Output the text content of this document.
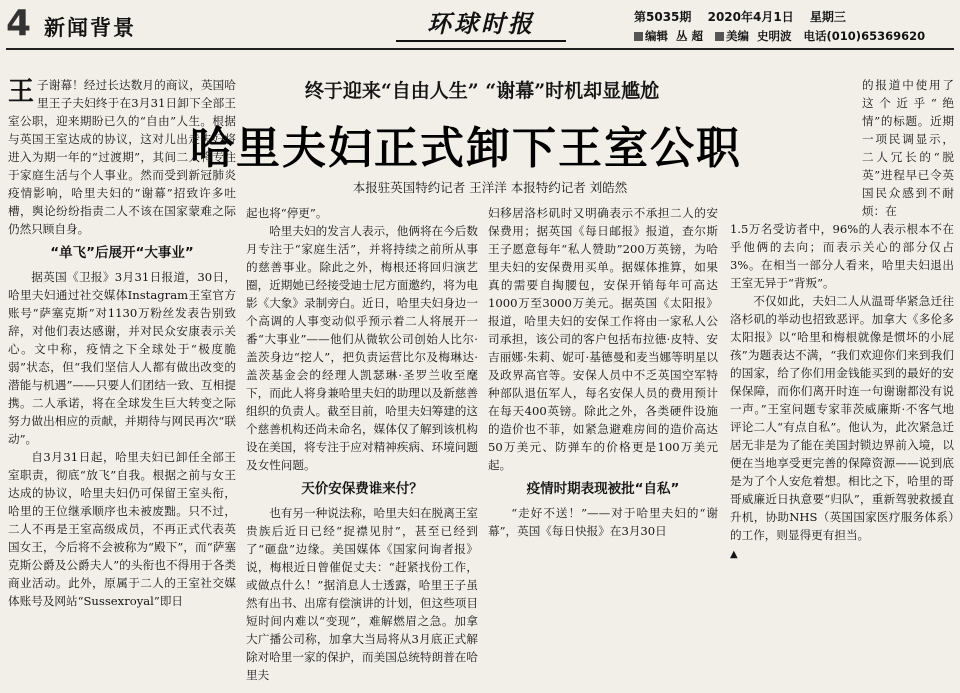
4 新闻背景	环球时报	第5035期 2020年4月1日 星期三
编辑 丛 超 美编 史明波 电话(010)65369620
终于迎来“自由人生” “谢幕”时机却显尴尬
哈里夫妇正式卸下王室公职
本报驻英国特约记者 王洋洋 本报特约记者 刘皓然
王 子谢幕！经过长达数月的商议，英国哈里王子夫妇终于在3月31日卸下全部王室公职，迎来期盼已久的“自由”人生。根据与英国王室达成的协议，这对儿出走夫妇将进入为期一年的“过渡期”，其间二人将专注于家庭生活与个人事业。然而受到新冠肺炎疫情影响，哈里夫妇的“谢幕”招致许多吐槽，舆论纷纷指责二人不该在国家蒙难之际仍然只顾自身。

“单飞”后展开“大事业”

据英国《卫报》3月31日报道，30日，哈里夫妇通过社交媒体Instagram王室官方账号“萨塞克斯”对1130万粉丝发表告别致辞，对他们表达感谢，并对民众安康表示关心。文中称，疫情之下全球处于“极度脆弱”状态，但“我们坚信人人都有做出改变的潜能与机遇”——只要人们团结一致、互相提携。二人承诺，将在全球发生巨大转变之际努力做出相应的贡献，并期待与网民再次“联动”。

自3月31日起，哈里夫妇已卸任全部王室职责，彻底“放飞”自我。根据之前与女王达成的协议，哈里夫妇仍可保留王室头衔，哈里的王位继承顺序也未被废黜。只不过，二人不再是王室高级成员，不再正式代表英国女王，今后将不会被称为“殿下”，而“萨塞克斯公爵及公爵夫人”的头衔也不得用于各类商业活动。此外，原属于二人的王室社交媒体账号及网站“Sussexroyal”即日

起也将“停更”。

哈里夫妇的发言人表示，他俩将在今后数月专注于“家庭生活”，并将持续之前所从事的慈善事业。除此之外，梅根还将回归演艺圈，近期她已经接受迪士尼方面邀约，将为电影《大象》录制旁白。近日，哈里夫妇身边一个高调的人事变动似乎预示着二人将展开一番“大事业”——他们从微软公司创始人比尔·盖茨身边“挖人”，把负责运营比尔及梅琳达·盖茨基金会的经理人凯瑟琳·圣罗兰收至麾下，而此人将身兼哈里夫妇的助理以及新慈善组织的负责人。截至目前，哈里夫妇筹建的这个慈善机构还尚未命名，媒体仅了解到该机构设在美国，将专注于应对精神疾病、环境问题及女性问题。

天价安保费谁来付？

也有另一种说法称，哈里夫妇在脱离王室贵族后近日已经“捉襟见肘”，甚至已经到了“砸盘”边缘。美国媒体《国家问询者报》说，梅根近日曾催促丈夫：“赶紧找份工作，或做点什么！”据消息人士透露，哈里王子虽然有出书、出席有偿演讲的计划，但这些项目短时间内难以“变现”，难解燃眉之急。加拿大广播公司称，加拿大当局将从3月底正式解除对哈里一家的保护，而美国总统特朗普在哈里夫

妇移居洛杉矶时又明确表示不承担二人的安保费用；据英国《每日邮报》报道，查尔斯王子愿意每年“私人赞助”200万英镑，为哈里夫妇的安保费用买单。据媒体推算，如果真的需要自掏腰包，安保开销每年可高达1000万至3000万美元。据英国《太阳报》报道，哈里夫妇的安保工作将由一家私人公司承担，该公司的客户包括布拉德·皮特、安吉丽娜·朱莉、妮可·基德曼和麦当娜等明星以及政界高官等。安保人员中不乏英国空军特种部队退伍军人，每名安保人员的费用预计在每天400英镑。除此之外，各类硬件设施的造价也不菲，如紧急避难房间的造价高达50万美元、防弹车的价格更是100万美元起。

疫情时期表现被批“自私”

“走好不送！”——对于哈里夫妇的“谢幕”，英国《每日快报》在3月30日

的报道中使用了这个近乎“绝情”的标题。近期一项民调显示，二人冗长的“脱英”进程早已令英国民众感到不耐烦：在

1.5万名受访者中，96%的人表示根本不在乎他俩的去向；而表示关心的部分仅占3%。在相当一部分人看来，哈里夫妇退出王室无异于“背叛”。

不仅如此，夫妇二人从温哥华紧急迁往洛杉矶的举动也招致恶评。加拿大《多伦多太阳报》以“哈里和梅根就像是惯坏的小屁孩”为题表达不满，“我们欢迎你们来到我们的国家，给了你们用金钱能买到的最好的安保保障，而你们离开时连一句谢谢都没有说一声。”王室问题专家菲茨威廉斯·不客气地评论二人“有点自私”。他认为，此次紧急迁居无非是为了能在美国封锁边界前入境，以便在当地享受更完善的保障资源——说到底是为了个人安危着想。相比之下，哈里的哥哥威廉近日执意要“归队”，重新驾驶救援直升机，协助NHS（英国国家医疗服务体系）的工作，则显得更有担当。

▲
